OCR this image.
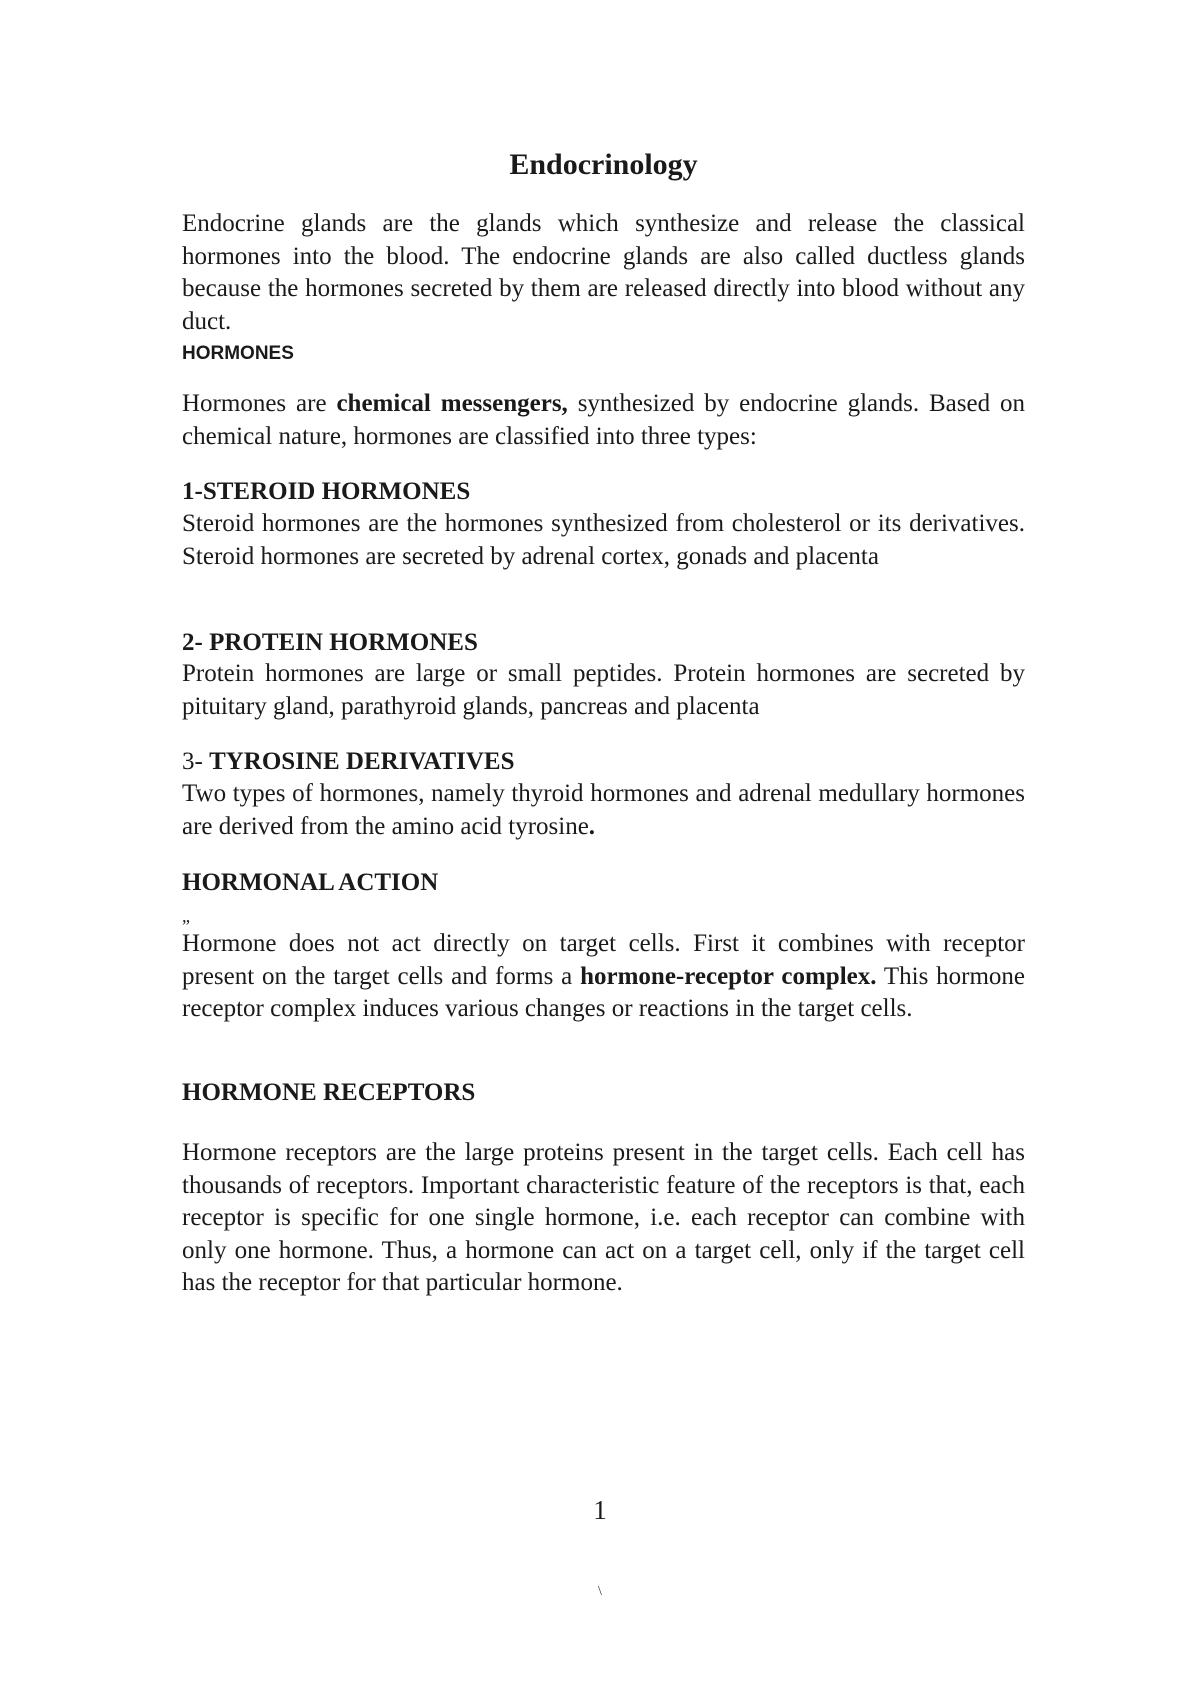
Endocrinology

Endocrine glands are the glands which synthesize and release the classical hormones into the blood. The endocrine glands are also called ductless glands because the hormones secreted by them are released directly into blood without any duct.

HORMONES

Hormones are chemical messengers, synthesized by endocrine glands. Based on chemical nature, hormones are classified into three types:

1-STEROID HORMONES

Steroid hormones are the hormones synthesized from cholesterol or its derivatives. Steroid hormones are secreted by adrenal cortex, gonads and placenta

2- PROTEIN HORMONES

Protein hormones are large or small peptides. Protein hormones are secreted by pituitary gland, parathyroid glands, pancreas and placenta

3- TYROSINE DERIVATIVES

Two types of hormones, namely thyroid hormones and adrenal medullary hormones are derived from the amino acid tyrosine.

HORMONAL ACTION

„

Hormone does not act directly on target cells. First it combines with receptor present on the target cells and forms a hormone-receptor complex. This hormone receptor complex induces various changes or reactions in the target cells.

HORMONE RECEPTORS

Hormone receptors are the large proteins present in the target cells. Each cell has thousands of receptors. Important characteristic feature of the receptors is that, each receptor is specific for one single hormone, i.e. each receptor can combine with only one hormone. Thus, a hormone can act on a target cell, only if the target cell has the receptor for that particular hormone.

1

\
